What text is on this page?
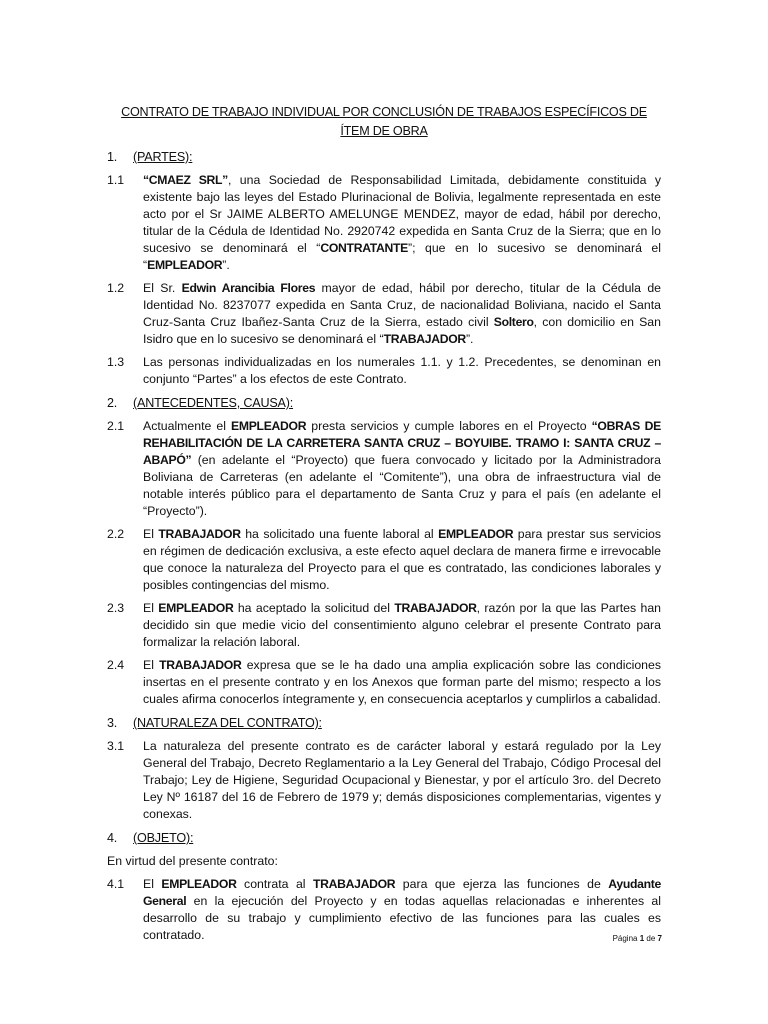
CONTRATO DE TRABAJO INDIVIDUAL POR CONCLUSIÓN DE TRABAJOS ESPECÍFICOS DE ÍTEM DE OBRA
1.	(PARTES):
1.1	“CMAEZ SRL”, una Sociedad de Responsabilidad Limitada, debidamente constituida y existente bajo las leyes del Estado Plurinacional de Bolivia, legalmente representada en este acto por el Sr JAIME ALBERTO AMELUNGE MENDEZ, mayor de edad, hábil por derecho, titular de la Cédula de Identidad No. 2920742 expedida en Santa Cruz de la Sierra; que en lo sucesivo se denominará el “CONTRATANTE”; que en lo sucesivo se denominará el “EMPLEADOR”.
1.2	El Sr. Edwin Arancibia Flores mayor de edad, hábil por derecho, titular de la Cédula de Identidad No. 8237077 expedida en Santa Cruz, de nacionalidad Boliviana, nacido el Santa Cruz-Santa Cruz Ibañez-Santa Cruz de la Sierra, estado civil Soltero, con domicilio en San Isidro que en lo sucesivo se denominará el “TRABAJADOR”.
1.3	Las personas individualizadas en los numerales 1.1. y 1.2. Precedentes, se denominan en conjunto “Partes” a los efectos de este Contrato.
2.	(ANTECEDENTES, CAUSA):
2.1	Actualmente el EMPLEADOR presta servicios y cumple labores en el Proyecto “OBRAS DE REHABILITACIÓN DE LA CARRETERA SANTA CRUZ – BOYUIBE. TRAMO I: SANTA CRUZ – ABAPÓ” (en adelante el “Proyecto) que fuera convocado y licitado por la Administradora Boliviana de Carreteras (en adelante el “Comitente”), una obra de infraestructura vial de notable interés público para el departamento de Santa Cruz y para el país (en adelante el “Proyecto”).
2.2	El TRABAJADOR ha solicitado una fuente laboral al EMPLEADOR para prestar sus servicios en régimen de dedicación exclusiva, a este efecto aquel declara de manera firme e irrevocable que conoce la naturaleza del Proyecto para el que es contratado, las condiciones laborales y posibles contingencias del mismo.
2.3	El EMPLEADOR ha aceptado la solicitud del TRABAJADOR, razón por la que las Partes han decidido sin que medie vicio del consentimiento alguno celebrar el presente Contrato para formalizar la relación laboral.
2.4	El TRABAJADOR expresa que se le ha dado una amplia explicación sobre las condiciones insertas en el presente contrato y en los Anexos que forman parte del mismo; respecto a los cuales afirma conocerlos íntegramente y, en consecuencia aceptarlos y cumplirlos a cabalidad.
3.	(NATURALEZA DEL CONTRATO):
3.1	La naturaleza del presente contrato es de carácter laboral y estará regulado por la Ley General del Trabajo, Decreto Reglamentario a la Ley General del Trabajo, Código Procesal del Trabajo; Ley de Higiene, Seguridad Ocupacional y Bienestar, y por el artículo 3ro. del Decreto Ley Nº 16187 del 16 de Febrero de 1979 y; demás disposiciones complementarias, vigentes y conexas.
4.	(OBJETO):

En virtud del presente contrato:

4.1	El EMPLEADOR contrata al TRABAJADOR para que ejerza las funciones de Ayudante General en la ejecución del Proyecto y en todas aquellas relacionadas e inherentes al desarrollo de su trabajo y cumplimiento efectivo de las funciones para las cuales es contratado.	Página 1 de 7
